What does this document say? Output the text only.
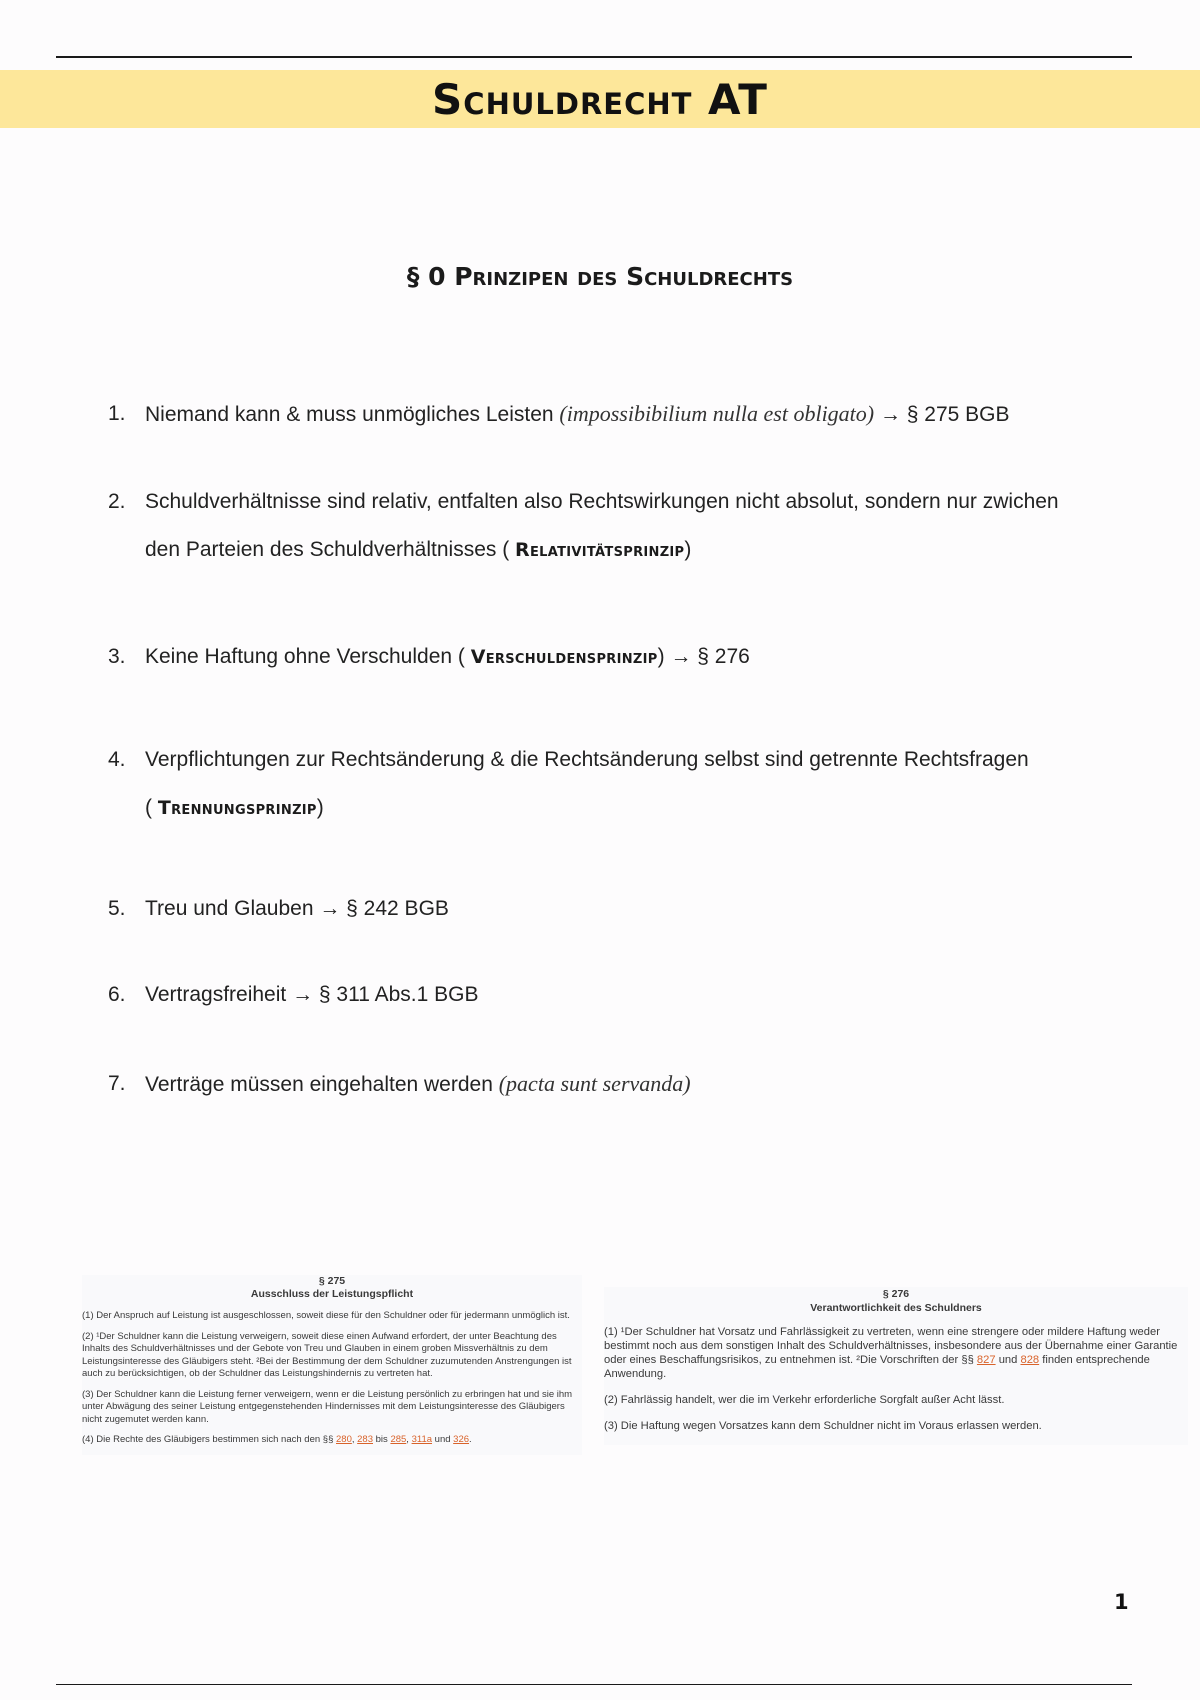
Schuldrecht AT
§ 0 Prinzipen des Schuldrechts
1. Niemand kann & muss unmögliches Leisten (impossibibilium nulla est obligato) → § 275 BGB
2. Schuldverhältnisse sind relativ, entfalten also Rechtswirkungen nicht absolut, sondern nur zwichen
den Parteien des Schuldverhältnisses ( Relativitätsprinzip)
3. Keine Haftung ohne Verschulden ( Verschuldensprinzip) → § 276
4. Verpflichtungen zur Rechtsänderung & die Rechtsänderung selbst sind getrennte Rechtsfragen
( Trennungsprinzip)
5. Treu und Glauben → § 242 BGB
6. Vertragsfreiheit → § 311 Abs.1 BGB
7. Verträge müssen eingehalten werden (pacta sunt servanda)
§ 275
Ausschluss der Leistungspflicht

(1) Der Anspruch auf Leistung ist ausgeschlossen, soweit diese für den Schuldner oder für jedermann unmöglich ist.

(2) ¹Der Schuldner kann die Leistung verweigern, soweit diese einen Aufwand erfordert, der unter Beachtung des Inhalts des Schuldverhältnisses und der Gebote von Treu und Glauben in einem groben Missverhältnis zu dem Leistungsinteresse des Gläubigers steht. ²Bei der Bestimmung der dem Schuldner zuzumutenden Anstrengungen ist auch zu berücksichtigen, ob der Schuldner das Leistungshindernis zu vertreten hat.

(3) Der Schuldner kann die Leistung ferner verweigern, wenn er die Leistung persönlich zu erbringen hat und sie ihm unter Abwägung des seiner Leistung entgegenstehenden Hindernisses mit dem Leistungsinteresse des Gläubigers nicht zugemutet werden kann.

(4) Die Rechte des Gläubigers bestimmen sich nach den §§ 280, 283 bis 285, 311a und 326.

§ 276
Verantwortlichkeit des Schuldners

(1) ¹Der Schuldner hat Vorsatz und Fahrlässigkeit zu vertreten, wenn eine strengere oder mildere Haftung weder bestimmt noch aus dem sonstigen Inhalt des Schuldverhältnisses, insbesondere aus der Übernahme einer Garantie oder eines Beschaffungsrisikos, zu entnehmen ist. ²Die Vorschriften der §§ 827 und 828 finden entsprechende Anwendung.

(2) Fahrlässig handelt, wer die im Verkehr erforderliche Sorgfalt außer Acht lässt.

(3) Die Haftung wegen Vorsatzes kann dem Schuldner nicht im Voraus erlassen werden.

1
